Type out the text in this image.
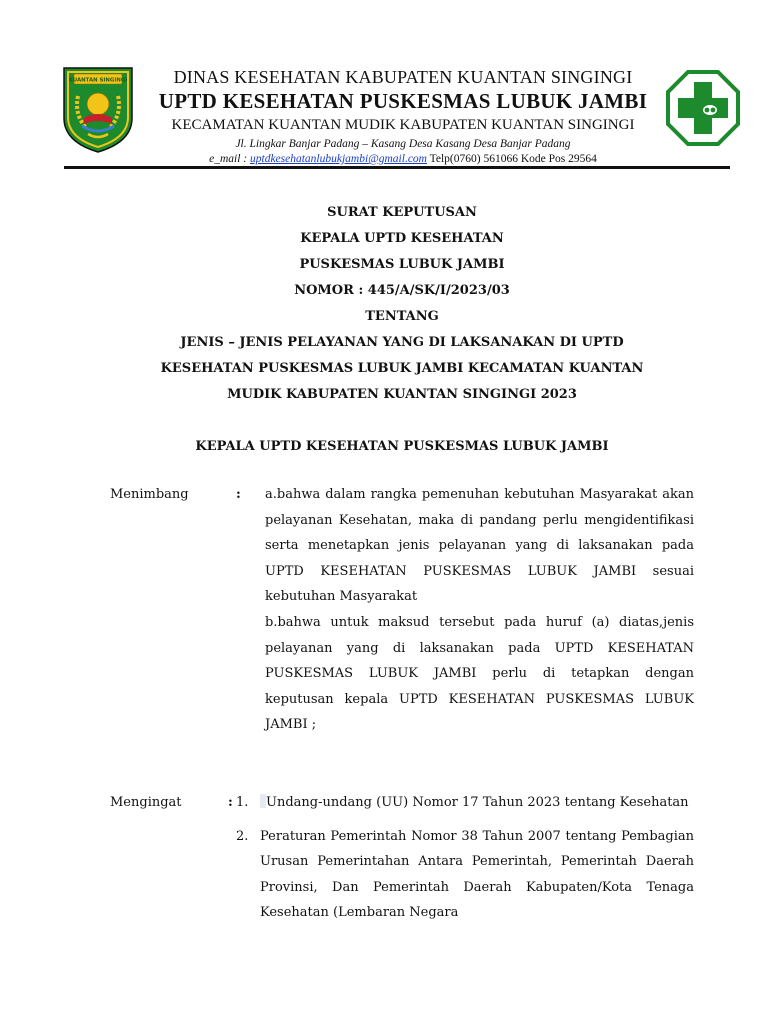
KUANTAN SINGINGI	DINAS KESEHATAN KABUPATEN KUANTAN SINGINGI
UPTD KESEHATAN PUSKESMAS LUBUK JAMBI
KECAMATAN KUANTAN MUDIK KABUPATEN KUANTAN SINGINGI
Jl. Lingkar Banjar Padang – Kasang Desa Kasang Desa Banjar Padang
e_mail : uptdkesehatanlubukjambi@gmail.com Telp(0760) 561066 Kode Pos 29564
SURAT KEPUTUSAN
KEPALA UPTD KESEHATAN
PUSKESMAS LUBUK JAMBI
NOMOR : 445/A/SK/I/2023/03
TENTANG
JENIS – JENIS PELAYANAN YANG DI LAKSANAKAN DI UPTD
KESEHATAN PUSKESMAS LUBUK JAMBI KECAMATAN KUANTAN
MUDIK KABUPATEN KUANTAN SINGINGI 2023
KEPALA UPTD KESEHATAN PUSKESMAS LUBUK JAMBI
Menimbang	: a.bahwa dalam rangka pemenuhan kebutuhan Masyarakat akan pelayanan Kesehatan, maka di pandang perlu mengidentifikasi serta menetapkan jenis pelayanan yang di laksanakan pada UPTD KESEHATAN PUSKESMAS LUBUK JAMBI sesuai kebutuhan Masyarakat

b.bahwa untuk maksud tersebut pada huruf (a) diatas,jenis pelayanan yang di laksanakan pada UPTD KESEHATAN PUSKESMAS LUBUK JAMBI perlu di tetapkan dengan keputusan kepala UPTD KESEHATAN PUSKESMAS LUBUK JAMBI ;

Mengingat	: 1.	Undang-undang (UU) Nomor 17 Tahun 2023 tentang Kesehatan
2. Peraturan Pemerintah Nomor 38 Tahun 2007 tentang Pembagian Urusan Pemerintahan Antara Pemerintah, Pemerintah Daerah Provinsi, Dan Pemerintah Daerah Kabupaten/Kota Tenaga Kesehatan (Lembaran Negara
